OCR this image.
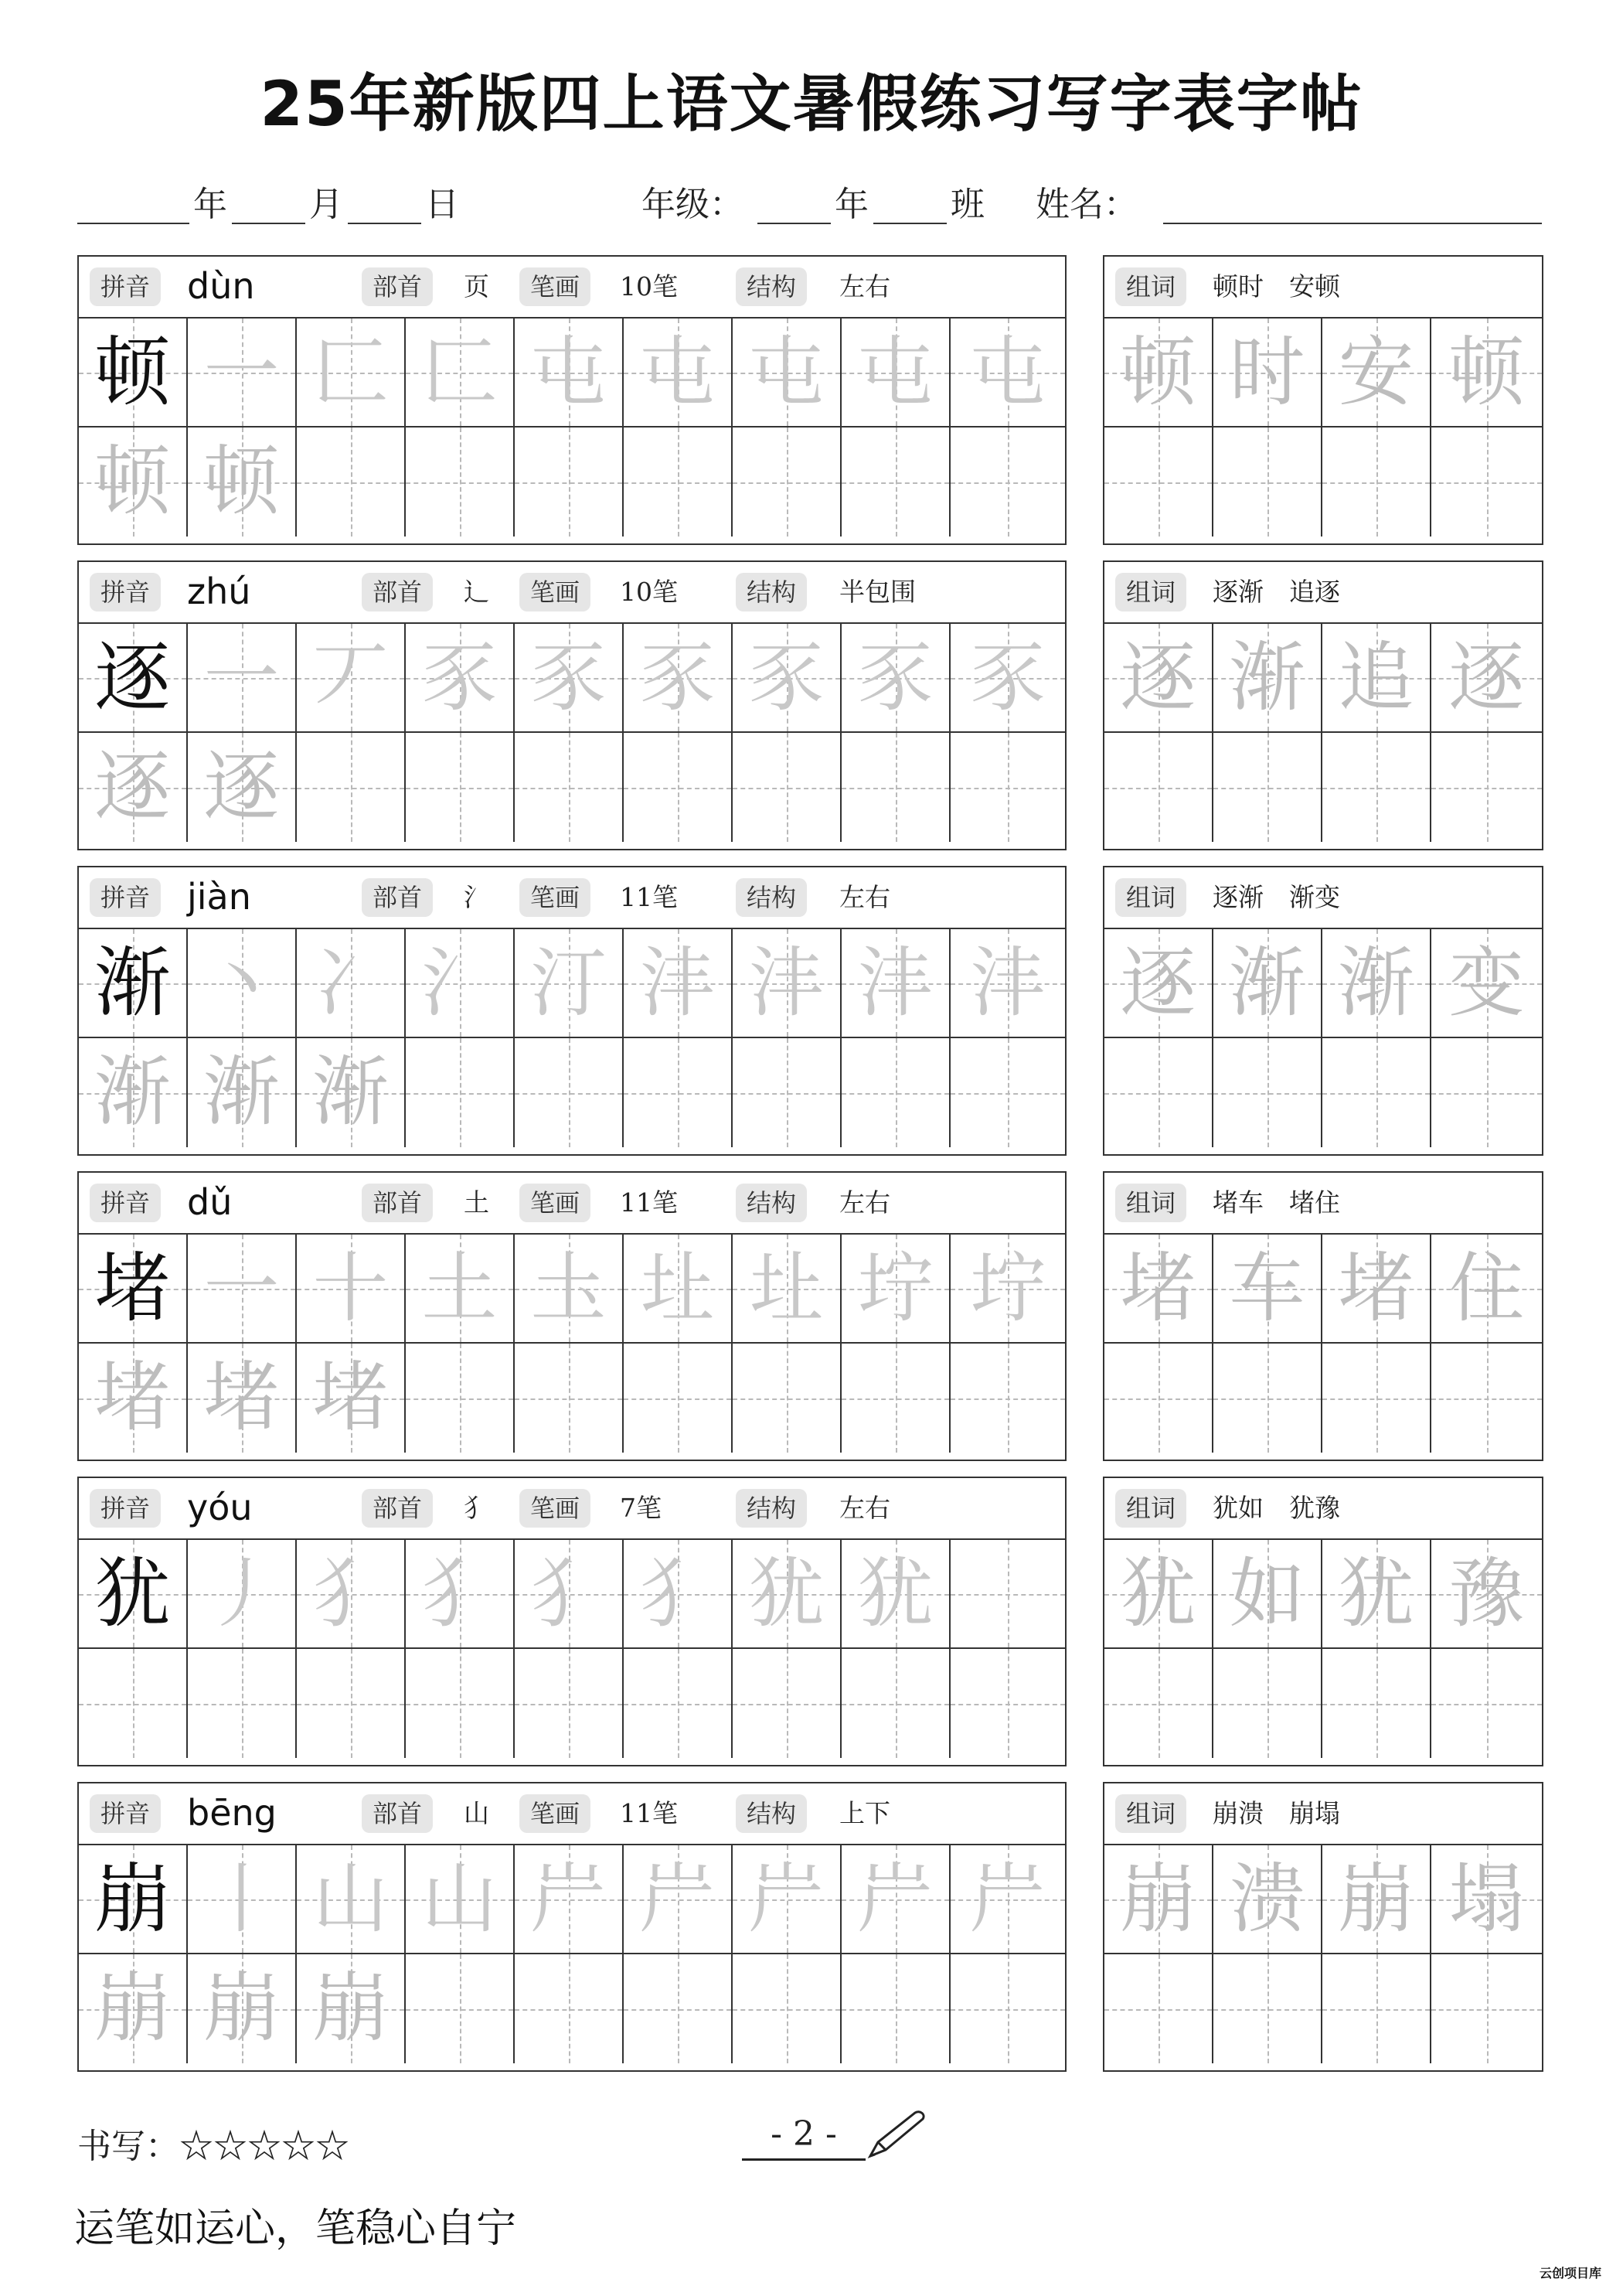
25年新版四上语文暑假练习写字表字帖
年 月 日	年级：	年 班 姓名：
拼音	dùn	部首	页	笔画	10笔	结构	左右
顿 一 匚 匚 屯 屯 屯 屯 屯
顿 顿
组词	顿时　安顿
顿 时 安 顿
拼音	zhú	部首	辶	笔画	10笔	结构	半包围
逐 一 丆 豕 豕 豕 豕 豕 豕
逐 逐
组词	逐渐　追逐
逐 渐 追 逐
拼音	jiàn	部首	氵	笔画	11笔	结构	左右
渐 丶 冫 氵 汀 沣 沣 沣 沣
渐 渐 渐
组词	逐渐　渐变
逐 渐 渐 变
拼音	dǔ	部首	土	笔画	11笔	结构	左右
堵 一 十 土 圡 圵 圵 坾 坾
堵 堵 堵
组词	堵车　堵住
堵 车 堵 住
拼音	yóu	部首	犭	笔画	7笔	结构	左右
犹 丿 犭 犭 犭 犭 犹 犹
组词	犹如　犹豫
犹 如 犹 豫
拼音	bēng	部首	山	笔画	11笔	结构	上下
崩 丨 山 山 屵 屵 屵 屵 屵
崩 崩 崩
组词	崩溃　崩塌
崩 溃 崩 塌
书写：☆☆☆☆☆	- 2 -
运笔如运心，笔稳心自宁
云创项目库
